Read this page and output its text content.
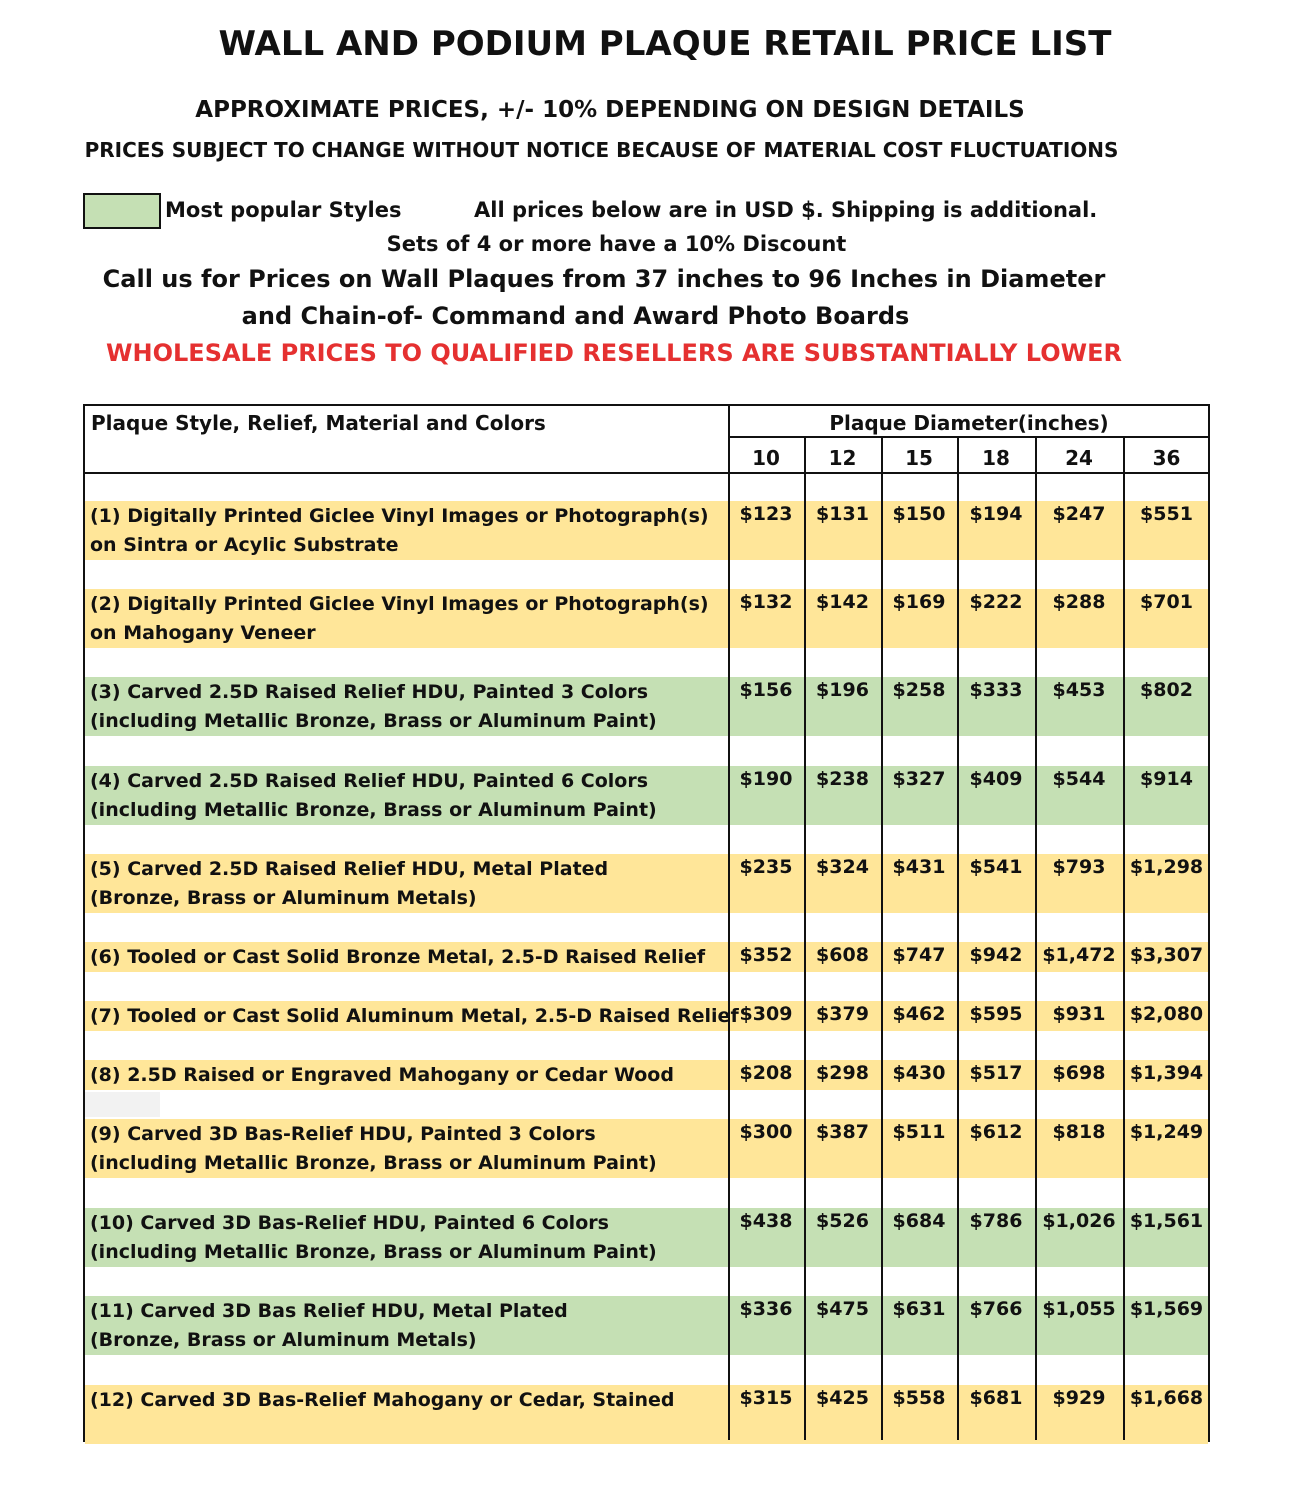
WALL AND PODIUM PLAQUE RETAIL PRICE LIST
APPROXIMATE PRICES, +/- 10% DEPENDING ON DESIGN DETAILS
PRICES SUBJECT TO CHANGE WITHOUT NOTICE BECAUSE OF MATERIAL COST FLUCTUATIONS
Most popular Styles	All prices below are in USD $. Shipping is additional.
Sets of 4 or more have a 10% Discount
Call us for Prices on Wall Plaques from 37 inches to 96 Inches in Diameter
and Chain-of- Command and Award Photo Boards
WHOLESALE PRICES TO QUALIFIED RESELLERS ARE SUBSTANTIALLY LOWER
Plaque Style, Relief, Material and Colors	Plaque Diameter(inches)
10	12	15	18	24	36
(1) Digitally Printed Giclee Vinyl Images or Photograph(s)
on Sintra or Acylic Substrate
$123	$131	$150	$194	$247	$551
(2) Digitally Printed Giclee Vinyl Images or Photograph(s)
on Mahogany Veneer
$132	$142	$169	$222	$288	$701
(3) Carved 2.5D Raised Relief HDU, Painted 3 Colors
(including Metallic Bronze, Brass or Aluminum Paint)
$156	$196	$258	$333	$453	$802
(4) Carved 2.5D Raised Relief HDU, Painted 6 Colors
(including Metallic Bronze, Brass or Aluminum Paint)
$190	$238	$327	$409	$544	$914
(5) Carved 2.5D Raised Relief HDU, Metal Plated
(Bronze, Brass or Aluminum Metals)
$235	$324	$431	$541	$793	$1,298
(6) Tooled or Cast Solid Bronze Metal, 2.5-D Raised Relief	$352	$608	$747	$942	$1,472 $3,307
(7) Tooled or Cast Solid Aluminum Metal, 2.5-D Raised Relief $309	$379	$462	$595	$931	$2,080
(8) 2.5D Raised or Engraved Mahogany or Cedar Wood	$208	$298	$430	$517	$698	$1,394
(9) Carved 3D Bas-Relief HDU, Painted 3 Colors
(including Metallic Bronze, Brass or Aluminum Paint)
$300	$387	$511	$612	$818	$1,249
(10) Carved 3D Bas-Relief HDU, Painted 6 Colors
(including Metallic Bronze, Brass or Aluminum Paint)
$438	$526	$684	$786	$1,026 $1,561
(11) Carved 3D Bas Relief HDU, Metal Plated
(Bronze, Brass or Aluminum Metals)
$336	$475	$631	$766	$1,055 $1,569
(12) Carved 3D Bas-Relief Mahogany or Cedar, Stained	$315	$425	$558	$681	$929	$1,668
